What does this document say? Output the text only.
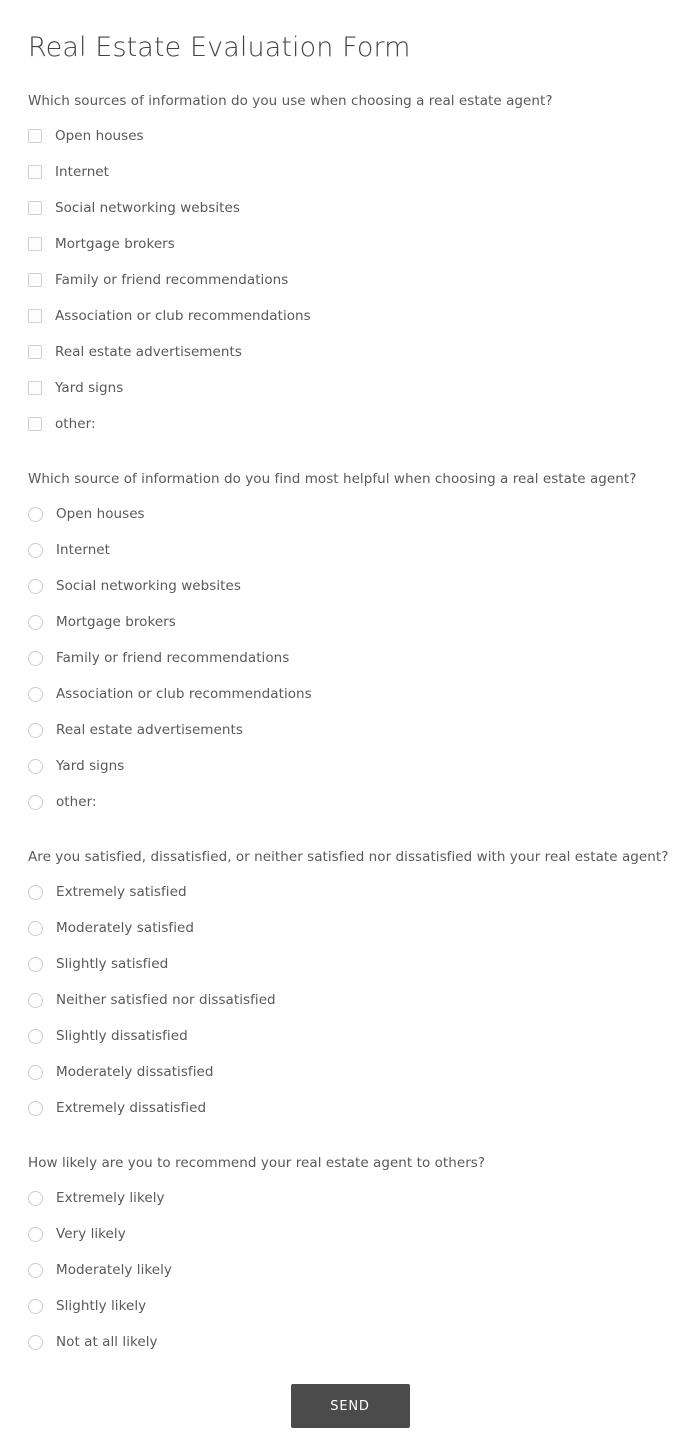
Real Estate Evaluation Form

Which sources of information do you use when choosing a real estate agent?

Open houses
Internet
Social networking websites
Mortgage brokers
Family or friend recommendations
Association or club recommendations
Real estate advertisements
Yard signs
other:

Which source of information do you find most helpful when choosing a real estate agent?

Open houses
Internet
Social networking websites
Mortgage brokers
Family or friend recommendations
Association or club recommendations
Real estate advertisements
Yard signs
other:

Are you satisfied, dissatisfied, or neither satisfied nor dissatisfied with your real estate agent?

Extremely satisfied
Moderately satisfied
Slightly satisfied
Neither satisfied nor dissatisfied
Slightly dissatisfied
Moderately dissatisfied
Extremely dissatisfied

How likely are you to recommend your real estate agent to others?

Extremely likely
Very likely
Moderately likely
Slightly likely
Not at all likely
SEND
